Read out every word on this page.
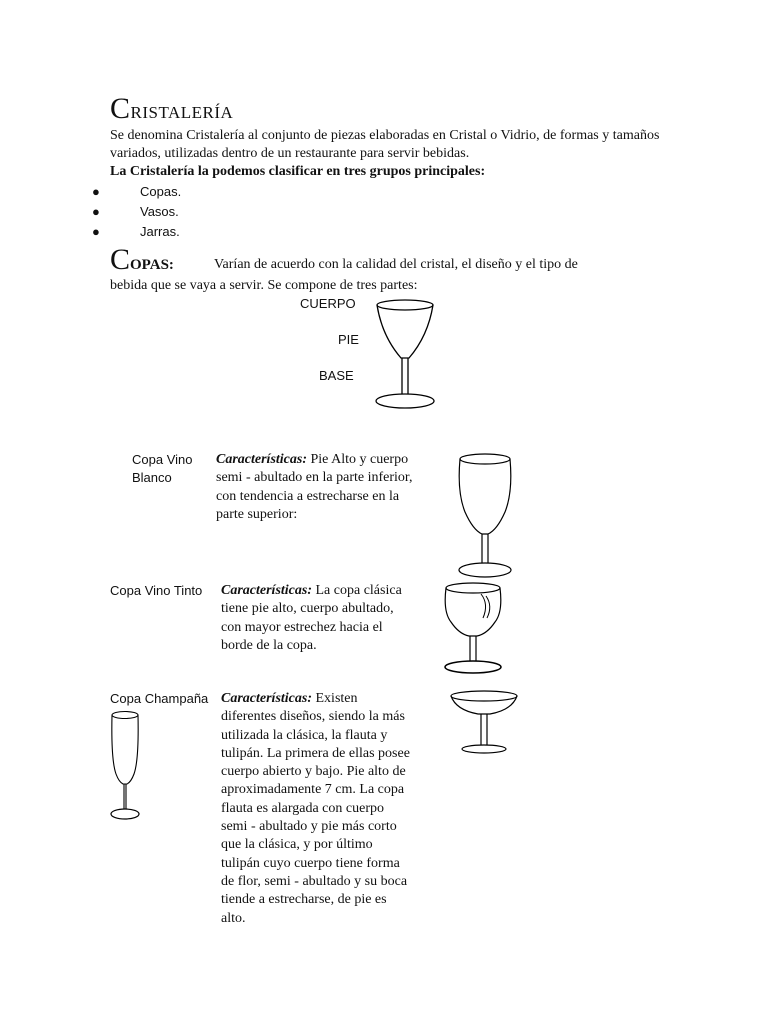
CRISTALERÍA
Se denomina Cristalería al conjunto de piezas elaboradas en Cristal o Vidrio, de formas y tamaños variados, utilizadas dentro de un restaurante para servir bebidas.
La Cristalería la podemos clasificar en tres grupos principales:
●	Copas.
●	Vasos.
●	Jarras.
COPAS:	Varían de acuerdo con la calidad del cristal, el diseño y el tipo de
bebida que se vaya a servir. Se compone de tres partes:
CUERPO
PIE
BASE
Copa Vino
Blanco
Características: Pie Alto y cuerpo
semi - abultado en la parte inferior,
con tendencia a estrecharse en la
parte superior:
Copa Vino Tinto Características: La copa clásica
tiene pie alto, cuerpo abultado,
con mayor estrechez hacia el
borde de la copa.
Copa Champaña Características: Existen
diferentes diseños, siendo la más
utilizada la clásica, la flauta y
tulipán. La primera de ellas posee
cuerpo abierto y bajo. Pie alto de
aproximadamente 7 cm. La copa
flauta es alargada con cuerpo
semi - abultado y pie más corto
que la clásica, y por último
tulipán cuyo cuerpo tiene forma
de flor, semi - abultado y su boca
tiende a estrecharse, de pie es
alto.
